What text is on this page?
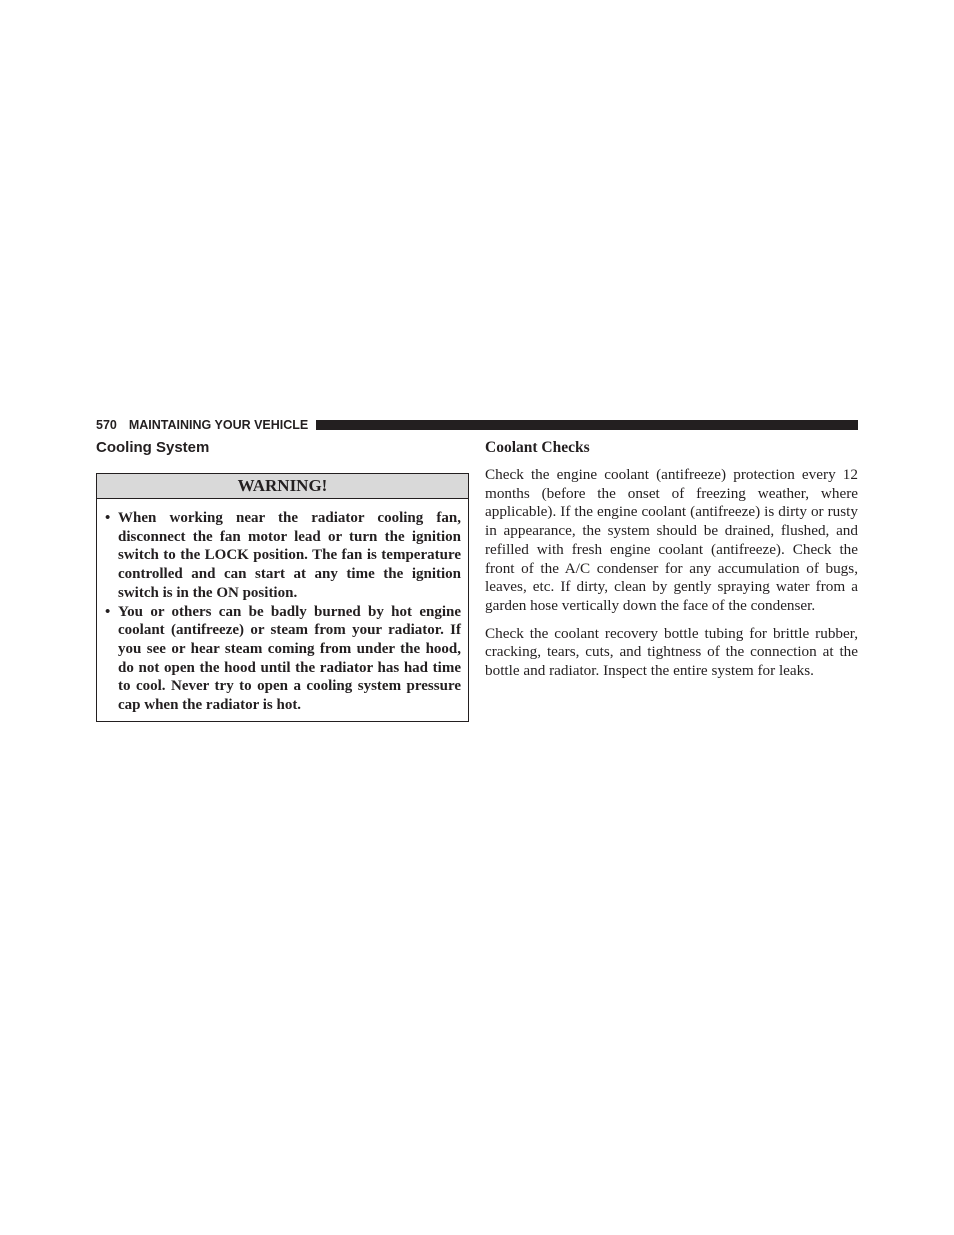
570 MAINTAINING YOUR VEHICLE
Cooling System
WARNING!
• When working near the radiator cooling fan, disconnect the fan motor lead or turn the ignition switch to the LOCK position. The fan is temperature controlled and can start at any time the ignition switch is in the ON position.
• You or others can be badly burned by hot engine coolant (antifreeze) or steam from your radiator. If you see or hear steam coming from under the hood, do not open the hood until the radiator has had time to cool. Never try to open a cooling system pressure cap when the radiator is hot.
Coolant Checks

Check the engine coolant (antifreeze) protection every 12 months (before the onset of freezing weather, where applicable). If the engine coolant (antifreeze) is dirty or rusty in appearance, the system should be drained, flushed, and refilled with fresh engine coolant (antifreeze). Check the front of the A/C condenser for any accumulation of bugs, leaves, etc. If dirty, clean by gently spraying water from a garden hose vertically down the face of the condenser.

Check the coolant recovery bottle tubing for brittle rubber, cracking, tears, cuts, and tightness of the connection at the bottle and radiator. Inspect the entire system for leaks.
